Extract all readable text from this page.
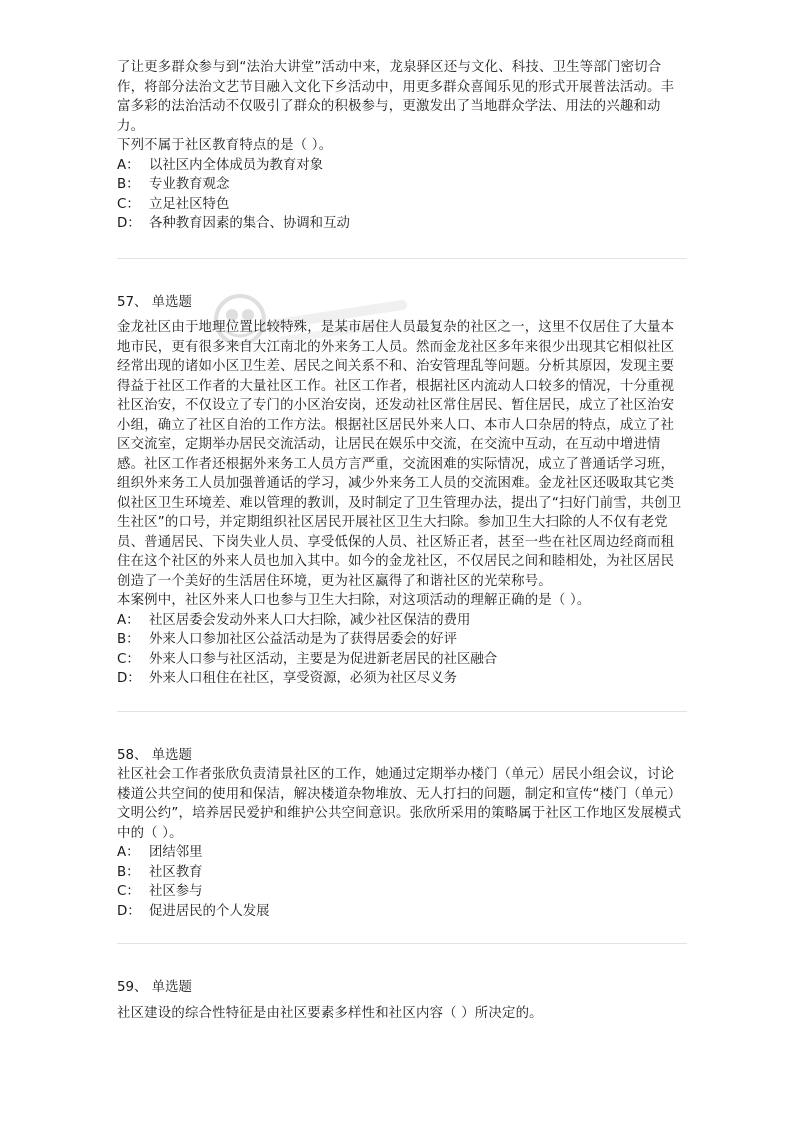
了让更多群众参与到“法治大讲堂”活动中来，龙泉驿区还与文化、科技、卫生等部门密切合作，将部分法治文艺节目融入文化下乡活动中，用更多群众喜闻乐见的形式开展普法活动。丰富多彩的法治活动不仅吸引了群众的积极参与，更激发出了当地群众学法、用法的兴趣和动力。

下列不属于社区教育特点的是（ ）。

A： 以社区内全体成员为教育对象

B： 专业教育观念

C： 立足社区特色

D： 各种教育因素的集合、协调和互动

57、 单选题

金龙社区由于地理位置比较特殊，是某市居住人员最复杂的社区之一，这里不仅居住了大量本地市民，更有很多来自大江南北的外来务工人员。然而金龙社区多年来很少出现其它相似社区经常出现的诸如小区卫生差、居民之间关系不和、治安管理乱等问题。分析其原因，发现主要得益于社区工作者的大量社区工作。社区工作者，根据社区内流动人口较多的情况，十分重视社区治安，不仅设立了专门的小区治安岗，还发动社区常住居民、暂住居民，成立了社区治安小组，确立了社区自治的工作方法。根据社区居民外来人口、本市人口杂居的特点，成立了社区交流室，定期举办居民交流活动，让居民在娱乐中交流，在交流中互动，在互动中增进情感。社区工作者还根据外来务工人员方言严重，交流困难的实际情况，成立了普通话学习班，组织外来务工人员加强普通话的学习，减少外来务工人员的交流困难。金龙社区还吸取其它类似社区卫生环境差、难以管理的教训，及时制定了卫生管理办法，提出了“扫好门前雪，共创卫生社区”的口号，并定期组织社区居民开展社区卫生大扫除。参加卫生大扫除的人不仅有老党员、普通居民、下岗失业人员、享受低保的人员、社区矫正者，甚至一些在社区周边经商而租住在这个社区的外来人员也加入其中。如今的金龙社区，不仅居民之间和睦相处，为社区居民创造了一个美好的生活居住环境，更为社区赢得了和谐社区的光荣称号。

本案例中，社区外来人口也参与卫生大扫除，对这项活动的理解正确的是（ ）。

A： 社区居委会发动外来人口大扫除，减少社区保洁的费用

B： 外来人口参加社区公益活动是为了获得居委会的好评

C： 外来人口参与社区活动，主要是为促进新老居民的社区融合

D： 外来人口租住在社区，享受资源，必须为社区尽义务

58、 单选题

社区社会工作者张欣负责清景社区的工作，她通过定期举办楼门（单元）居民小组会议，讨论楼道公共空间的使用和保洁，解决楼道杂物堆放、无人打扫的问题，制定和宣传“楼门（单元）文明公约”，培养居民爱护和维护公共空间意识。张欣所采用的策略属于社区工作地区发展模式中的（ ）。

A： 团结邻里

B： 社区教育

C： 社区参与

D： 促进居民的个人发展

59、 单选题

社区建设的综合性特征是由社区要素多样性和社区内容（ ）所决定的。
